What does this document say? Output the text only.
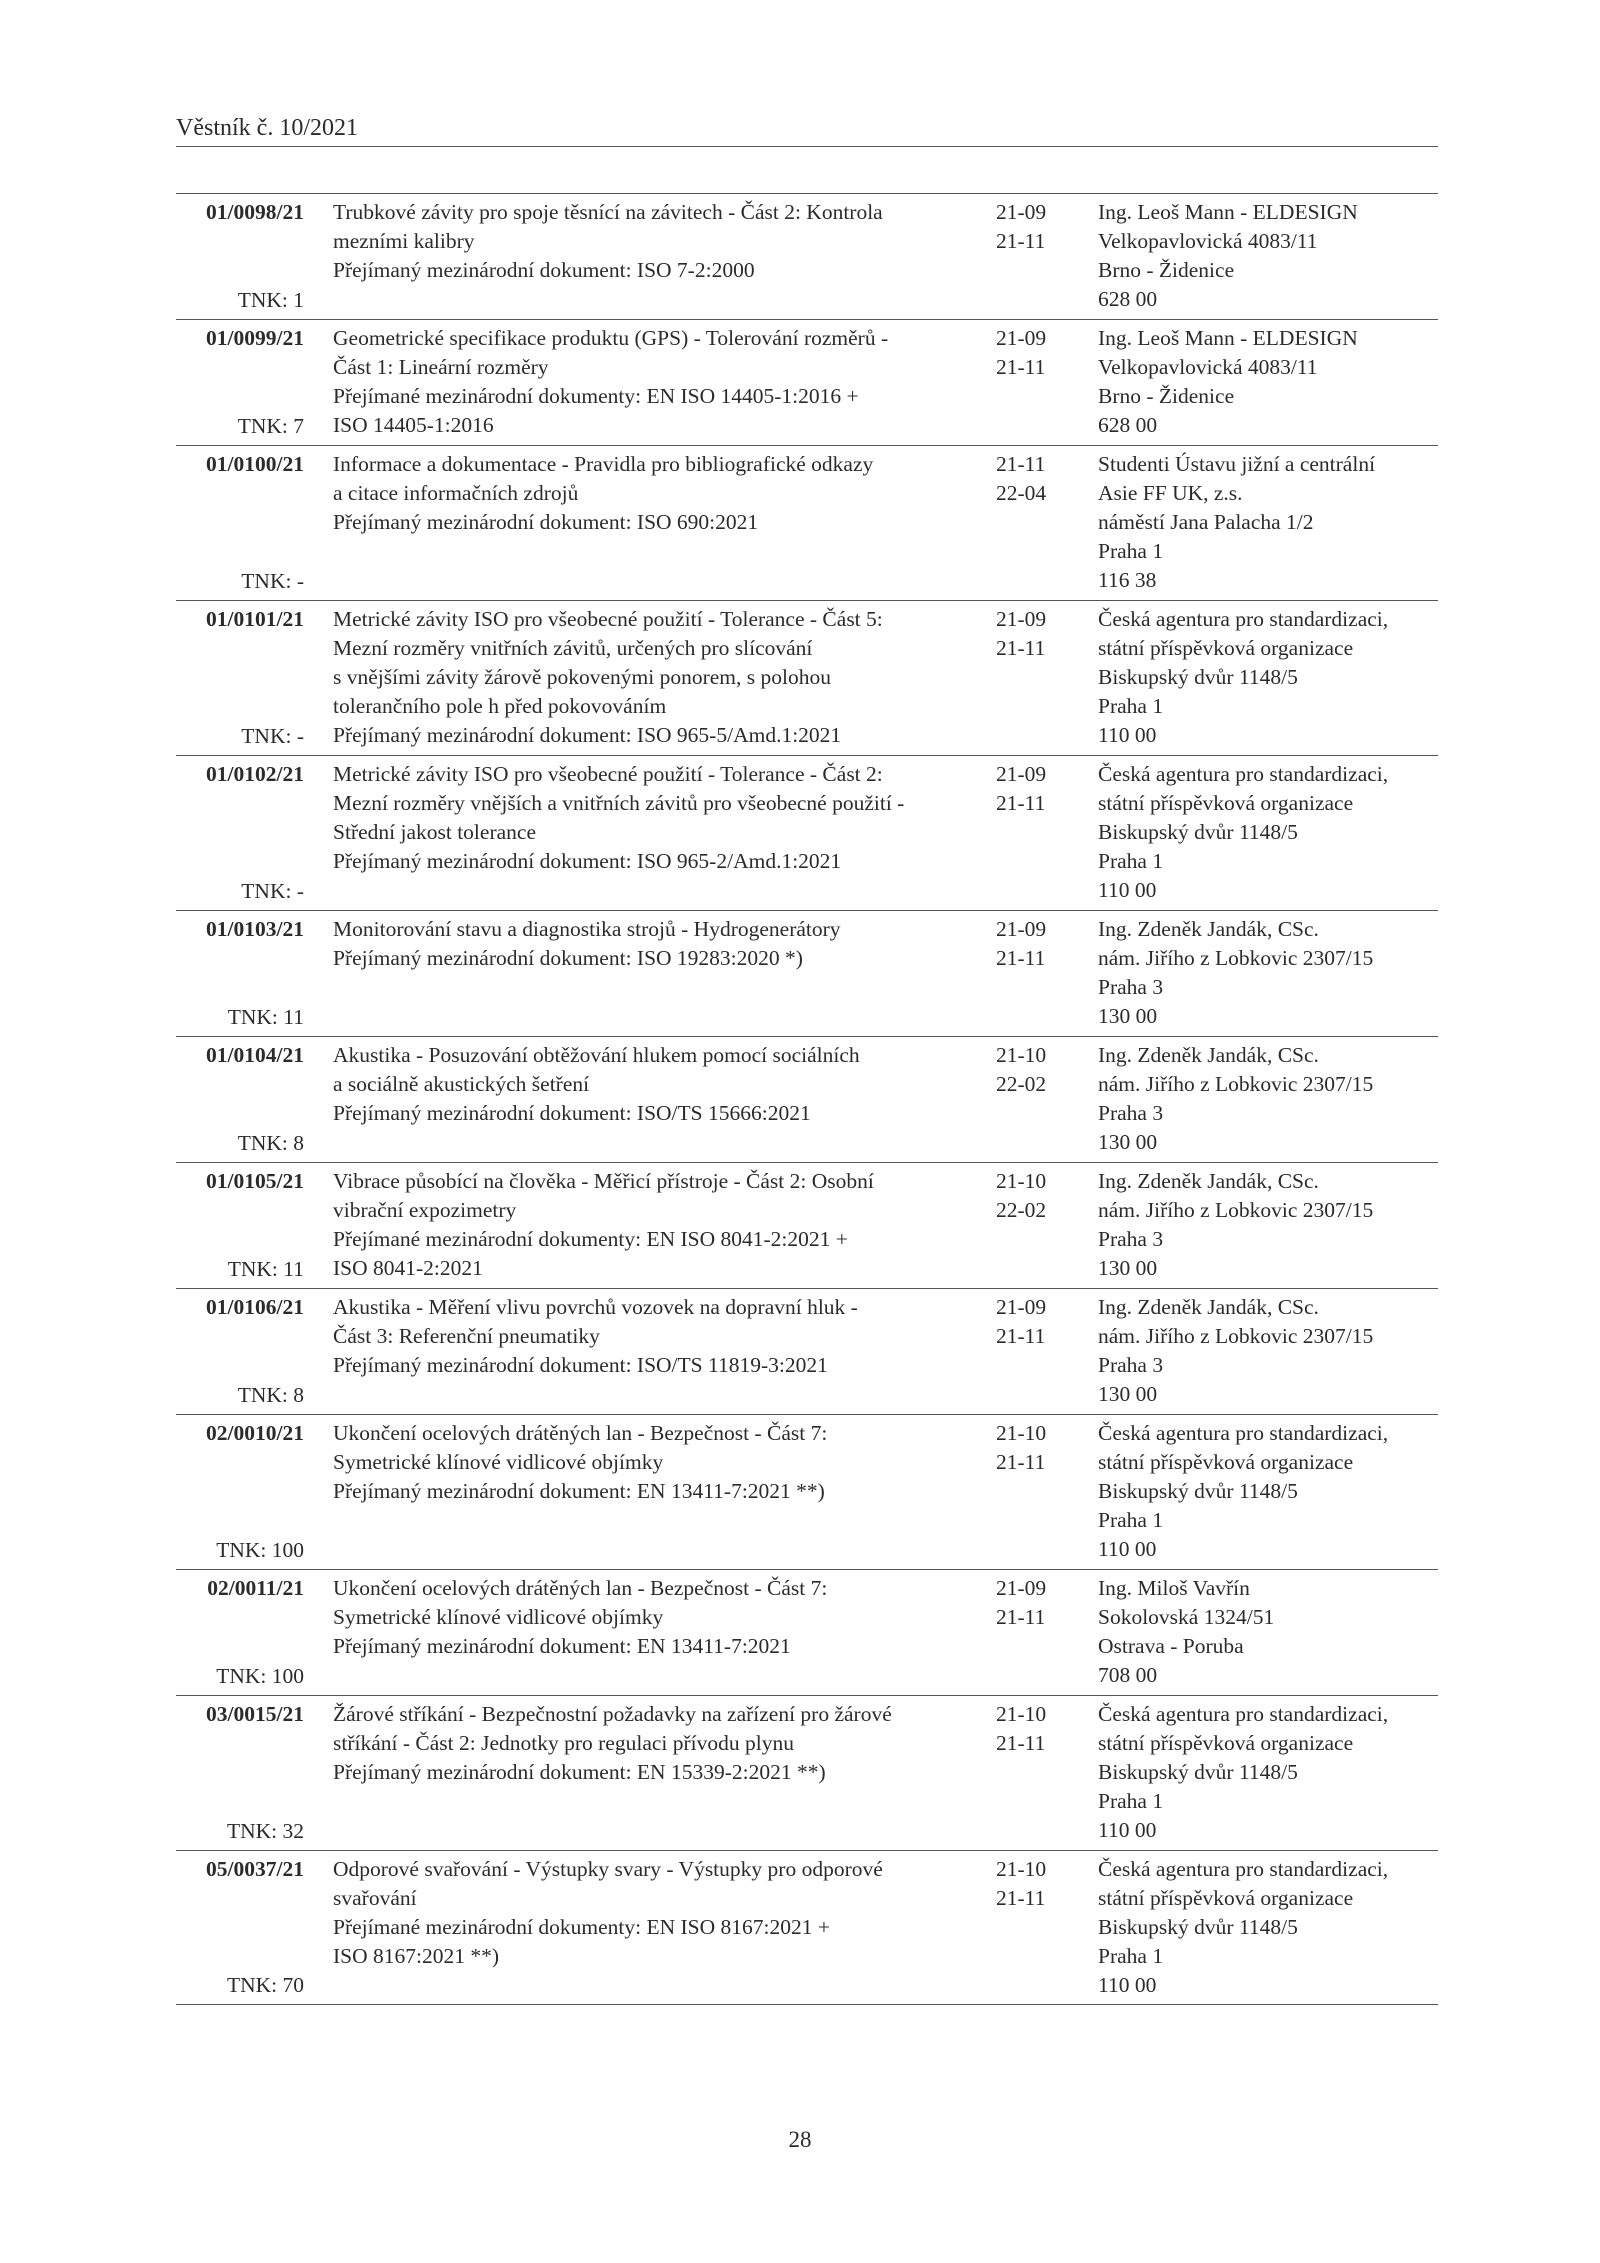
Věstník č. 10/2021
01/0098/21
TNK: 1
Trubkové závity pro spoje těsnící na závitech - Část 2: Kontrola
mezními kalibry
Přejímaný mezinárodní dokument: ISO 7-2:2000
21-09
21-11
Ing. Leoš Mann - ELDESIGN
Velkopavlovická 4083/11
Brno - Židenice
628 00
01/0099/21
TNK: 7
Geometrické specifikace produktu (GPS) - Tolerování rozměrů -
Část 1: Lineární rozměry
Přejímané mezinárodní dokumenty: EN ISO 14405-1:2016 +
ISO 14405-1:2016
21-09
21-11
Ing. Leoš Mann - ELDESIGN
Velkopavlovická 4083/11
Brno - Židenice
628 00
01/0100/21
TNK: -
Informace a dokumentace - Pravidla pro bibliografické odkazy
a citace informačních zdrojů
Přejímaný mezinárodní dokument: ISO 690:2021
21-11
22-04
Studenti Ústavu jižní a centrální
Asie FF UK, z.s.
náměstí Jana Palacha 1/2
Praha 1
116 38
01/0101/21
TNK: -
Metrické závity ISO pro všeobecné použití - Tolerance - Část 5:
Mezní rozměry vnitřních závitů, určených pro slícování
s vnějšími závity žárově pokovenými ponorem, s polohou
tolerančního pole h před pokovováním
Přejímaný mezinárodní dokument: ISO 965-5/Amd.1:2021
21-09
21-11
Česká agentura pro standardizaci,
státní příspěvková organizace
Biskupský dvůr 1148/5
Praha 1
110 00
01/0102/21
TNK: -
Metrické závity ISO pro všeobecné použití - Tolerance - Část 2:
Mezní rozměry vnějších a vnitřních závitů pro všeobecné použití -
Střední jakost tolerance
Přejímaný mezinárodní dokument: ISO 965-2/Amd.1:2021
21-09
21-11
Česká agentura pro standardizaci,
státní příspěvková organizace
Biskupský dvůr 1148/5
Praha 1
110 00
01/0103/21
TNK: 11
Monitorování stavu a diagnostika strojů - Hydrogenerátory
Přejímaný mezinárodní dokument: ISO 19283:2020 *)
21-09
21-11
Ing. Zdeněk Jandák, CSc.
nám. Jiřího z Lobkovic 2307/15
Praha 3
130 00
01/0104/21
TNK: 8
Akustika - Posuzování obtěžování hlukem pomocí sociálních
a sociálně akustických šetření
Přejímaný mezinárodní dokument: ISO/TS 15666:2021
21-10
22-02
Ing. Zdeněk Jandák, CSc.
nám. Jiřího z Lobkovic 2307/15
Praha 3
130 00
01/0105/21
TNK: 11
Vibrace působící na člověka - Měřicí přístroje - Část 2: Osobní
vibrační expozimetry
Přejímané mezinárodní dokumenty: EN ISO 8041-2:2021 +
ISO 8041-2:2021
21-10
22-02
Ing. Zdeněk Jandák, CSc.
nám. Jiřího z Lobkovic 2307/15
Praha 3
130 00
01/0106/21
TNK: 8
Akustika - Měření vlivu povrchů vozovek na dopravní hluk -
Část 3: Referenční pneumatiky
Přejímaný mezinárodní dokument: ISO/TS 11819-3:2021
21-09
21-11
Ing. Zdeněk Jandák, CSc.
nám. Jiřího z Lobkovic 2307/15
Praha 3
130 00
02/0010/21
TNK: 100
Ukončení ocelových drátěných lan - Bezpečnost - Část 7:
Symetrické klínové vidlicové objímky
Přejímaný mezinárodní dokument: EN 13411-7:2021 **)
21-10
21-11
Česká agentura pro standardizaci,
státní příspěvková organizace
Biskupský dvůr 1148/5
Praha 1
110 00
02/0011/21
TNK: 100
Ukončení ocelových drátěných lan - Bezpečnost - Část 7:
Symetrické klínové vidlicové objímky
Přejímaný mezinárodní dokument: EN 13411-7:2021
21-09
21-11
Ing. Miloš Vavřín
Sokolovská 1324/51
Ostrava - Poruba
708 00
03/0015/21
TNK: 32
Žárové stříkání - Bezpečnostní požadavky na zařízení pro žárové
stříkání - Část 2: Jednotky pro regulaci přívodu plynu
Přejímaný mezinárodní dokument: EN 15339-2:2021 **)
21-10
21-11
Česká agentura pro standardizaci,
státní příspěvková organizace
Biskupský dvůr 1148/5
Praha 1
110 00
05/0037/21
TNK: 70
Odporové svařování - Výstupky svary - Výstupky pro odporové
svařování
Přejímané mezinárodní dokumenty: EN ISO 8167:2021 +
ISO 8167:2021 **)
21-10
21-11
Česká agentura pro standardizaci,
státní příspěvková organizace
Biskupský dvůr 1148/5
Praha 1
110 00
28
